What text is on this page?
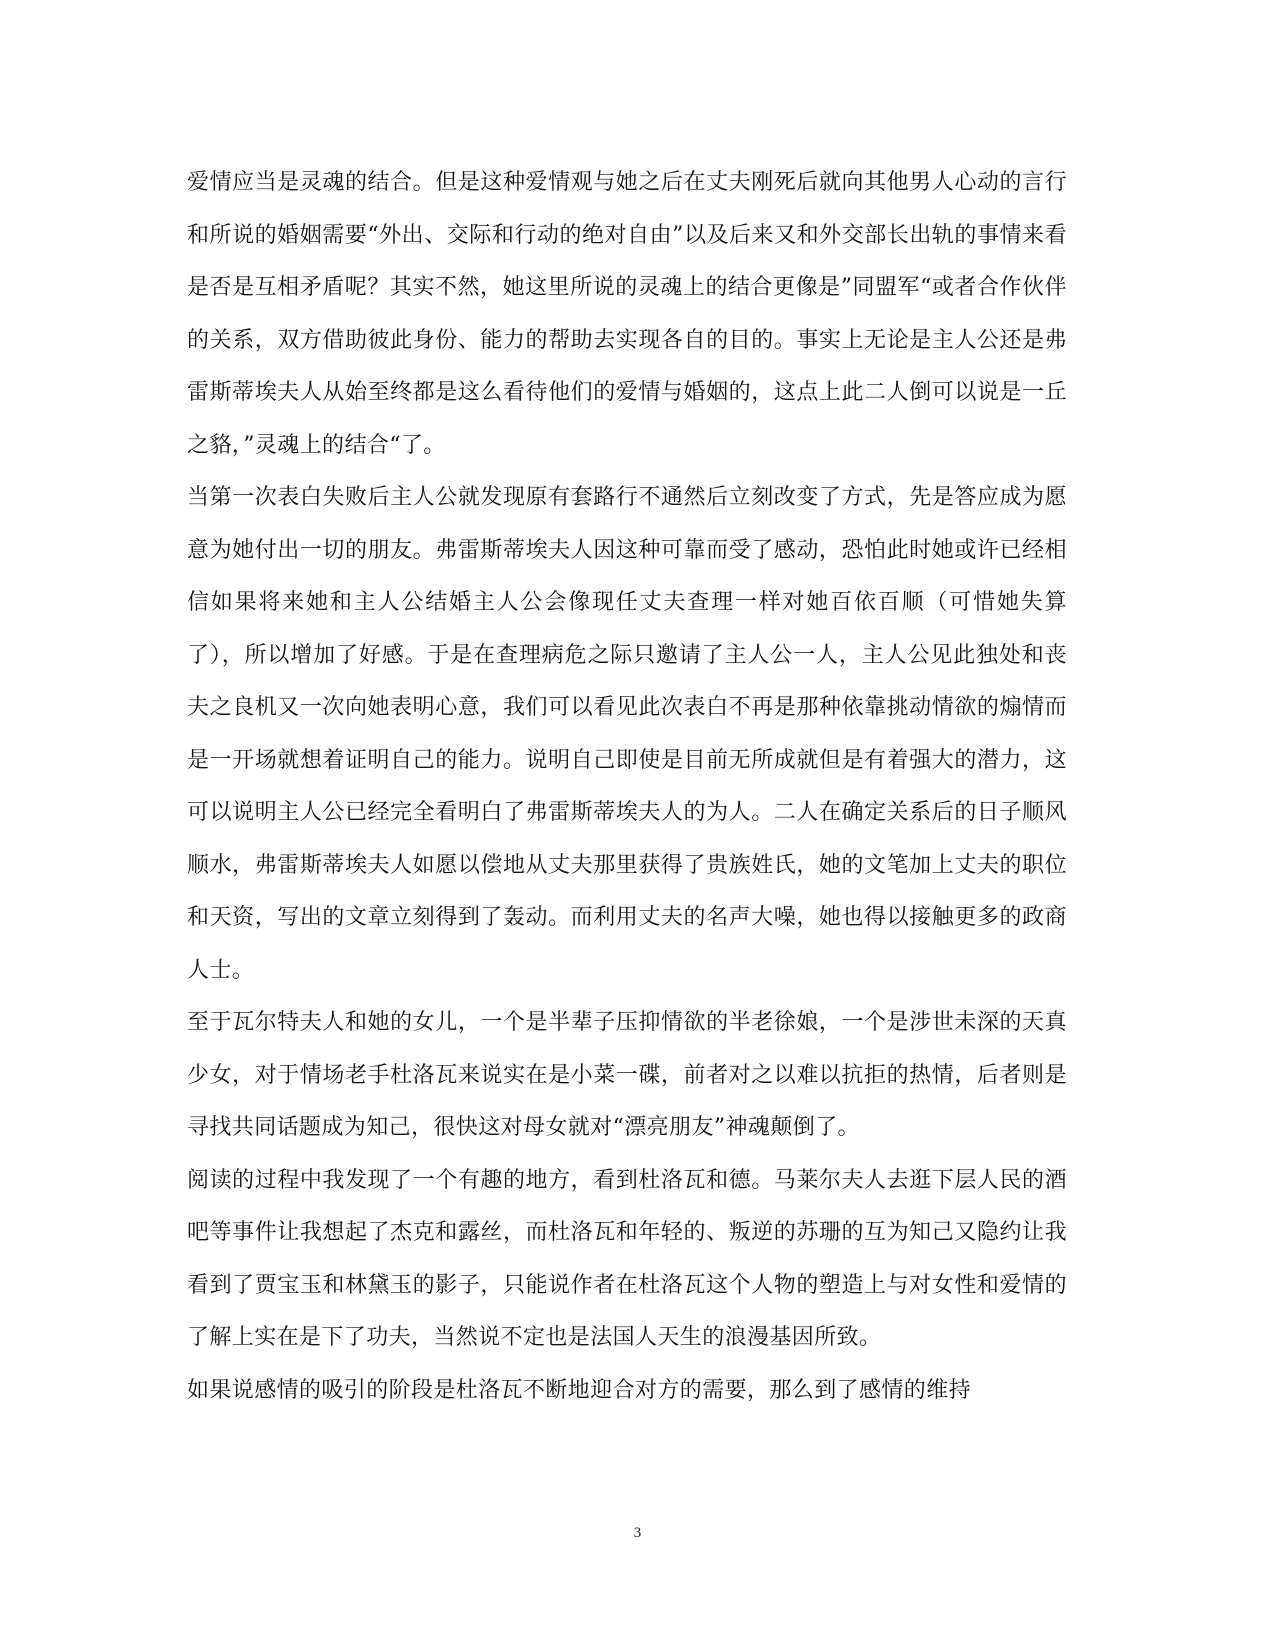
爱情应当是灵魂的结合。但是这种爱情观与她之后在丈夫刚死后就向其他男人心动的言行和所说的婚姻需要“外出、交际和行动的绝对自由”以及后来又和外交部长出轨的事情来看是否是互相矛盾呢？其实不然，她这里所说的灵魂上的结合更像是”同盟军“或者合作伙伴的关系，双方借助彼此身份、能力的帮助去实现各自的目的。事实上无论是主人公还是弗雷斯蒂埃夫人从始至终都是这么看待他们的爱情与婚姻的，这点上此二人倒可以说是一丘之貉，”灵魂上的结合“了。

当第一次表白失败后主人公就发现原有套路行不通然后立刻改变了方式，先是答应成为愿意为她付出一切的朋友。弗雷斯蒂埃夫人因这种可靠而受了感动，恐怕此时她或许已经相信如果将来她和主人公结婚主人公会像现任丈夫查理一样对她百依百顺（可惜她失算了），所以增加了好感。于是在查理病危之际只邀请了主人公一人，主人公见此独处和丧夫之良机又一次向她表明心意，我们可以看见此次表白不再是那种依靠挑动情欲的煽情而是一开场就想着证明自己的能力。说明自己即使是目前无所成就但是有着强大的潜力，这可以说明主人公已经完全看明白了弗雷斯蒂埃夫人的为人。二人在确定关系后的日子顺风顺水，弗雷斯蒂埃夫人如愿以偿地从丈夫那里获得了贵族姓氏，她的文笔加上丈夫的职位和天资，写出的文章立刻得到了轰动。而利用丈夫的名声大噪，她也得以接触更多的政商人士。

至于瓦尔特夫人和她的女儿，一个是半辈子压抑情欲的半老徐娘，一个是涉世未深的天真少女，对于情场老手杜洛瓦来说实在是小菜一碟，前者对之以难以抗拒的热情，后者则是寻找共同话题成为知己，很快这对母女就对“漂亮朋友”神魂颠倒了。

阅读的过程中我发现了一个有趣的地方，看到杜洛瓦和德。马莱尔夫人去逛下层人民的酒吧等事件让我想起了杰克和露丝，而杜洛瓦和年轻的、叛逆的苏珊的互为知己又隐约让我看到了贾宝玉和林黛玉的影子，只能说作者在杜洛瓦这个人物的塑造上与对女性和爱情的了解上实在是下了功夫，当然说不定也是法国人天生的浪漫基因所致。

如果说感情的吸引的阶段是杜洛瓦不断地迎合对方的需要，那么到了感情的维持

3
